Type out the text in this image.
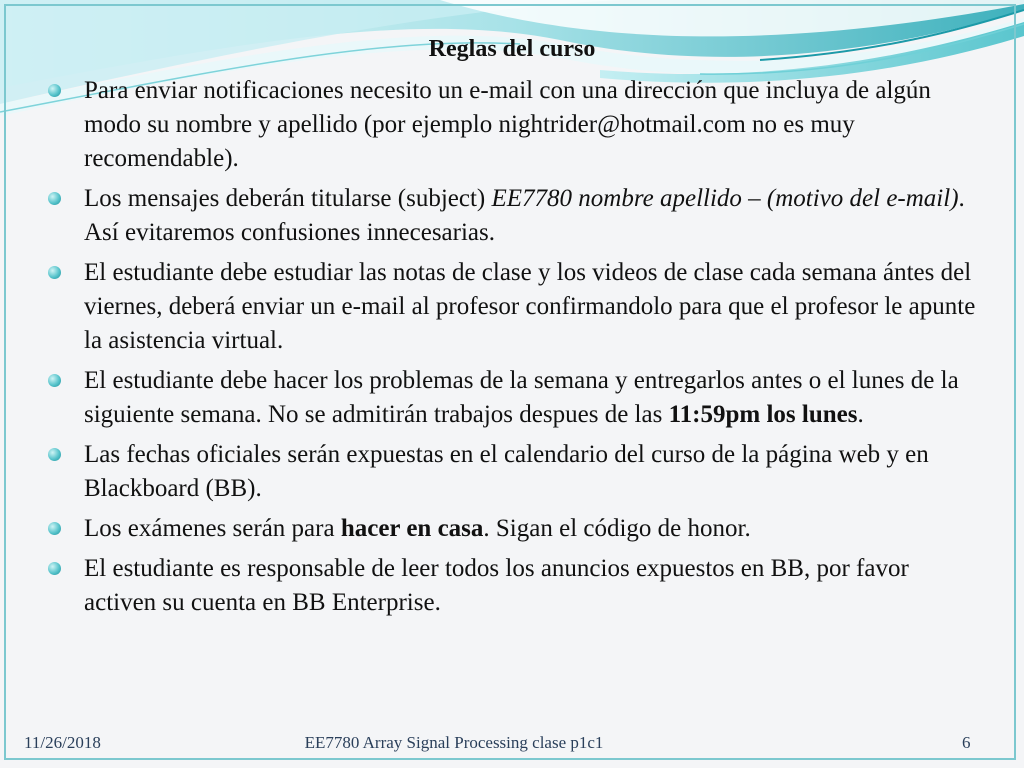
Reglas del curso
Para enviar notificaciones necesito un e-mail con una dirección que incluya de algún modo su nombre y apellido (por ejemplo nightrider@hotmail.com no es muy recomendable).
Los mensajes deberán titularse (subject) EE7780 nombre apellido – (motivo del e-mail). Así evitaremos confusiones innecesarias.
El estudiante debe estudiar las notas de clase y los videos de clase cada semana ántes del viernes, deberá enviar un e-mail al profesor confirmandolo para que el profesor le apunte la asistencia virtual.
El estudiante debe hacer los problemas de la semana y entregarlos antes o el lunes de la siguiente semana. No se admitirán trabajos despues de las 11:59pm los lunes.
Las fechas oficiales serán expuestas en el calendario del curso de la página web y en Blackboard (BB).
Los exámenes serán para hacer en casa. Sigan el código de honor.
El estudiante es responsable de leer todos los anuncios expuestos en BB, por favor activen su cuenta en BB Enterprise.
11/26/2018	EE7780 Array Signal Processing clase p1c1	6
